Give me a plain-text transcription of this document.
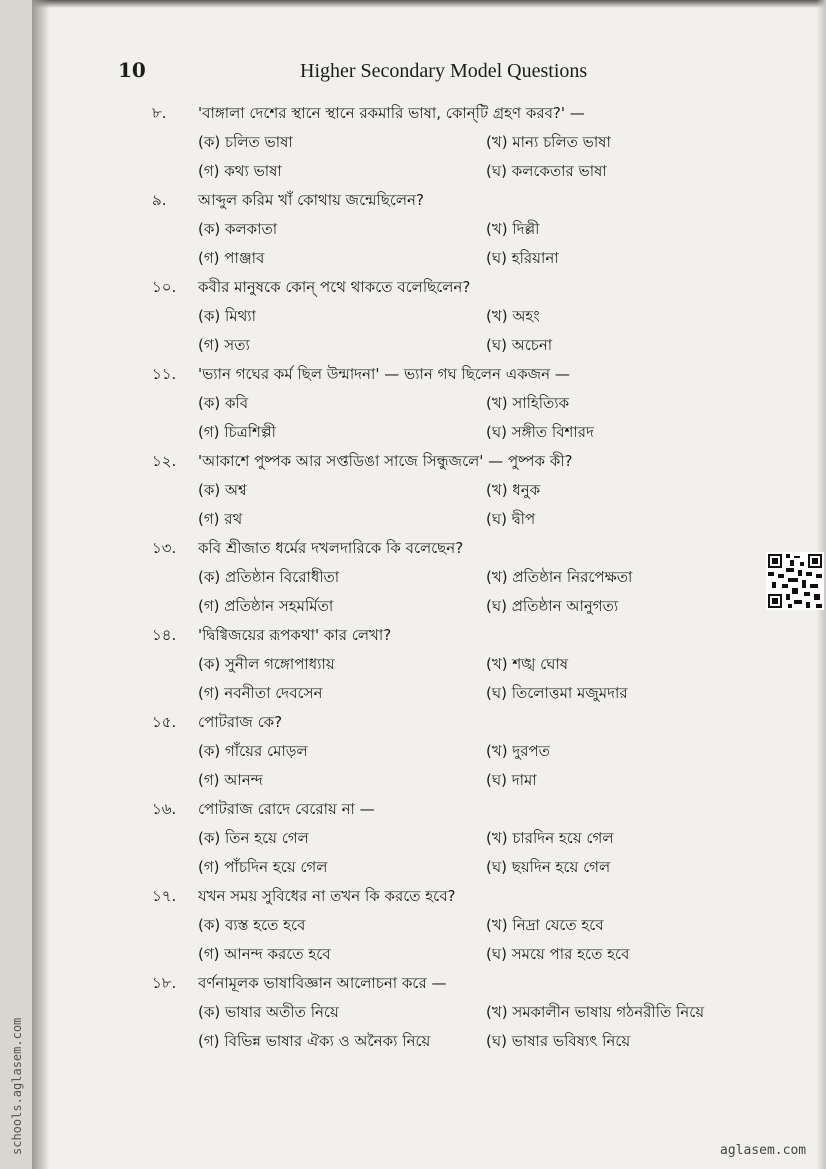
10	Higher Secondary Model Questions
৮.	'বাঙ্গালা দেশের স্থানে স্থানে রকমারি ভাষা, কোন্‌টি গ্রহণ করব?' —
(ক) চলিত ভাষা	(খ) মান্য চলিত ভাষা
(গ) কথ্য ভাষা	(ঘ) কলকেতার ভাষা
৯.	আব্দুল করিম খাঁ কোথায় জন্মেছিলেন?
(ক) কলকাতা	(খ) দিল্লী
(গ) পাঞ্জাব	(ঘ) হরিয়ানা
১০.	কবীর মানুষকে কোন্‌ পথে থাকতে বলেছিলেন?
(ক) মিথ্যা	(খ) অহং
(গ) সত্য	(ঘ) অচেনা
১১.	'ভ্যান গঘের কর্ম ছিল উন্মাদনা' — ভ্যান গঘ ছিলেন একজন —
(ক) কবি	(খ) সাহিত্যিক
(গ) চিত্রশিল্পী	(ঘ) সঙ্গীত বিশারদ
১২.	'আকাশে পুষ্পক আর সপ্তডিঙা সাজে সিন্ধুজলে' — পুষ্পক কী?
(ক) অশ্ব	(খ) ধনুক
(গ) রথ	(ঘ) দ্বীপ
১৩.	কবি শ্রীজাত ধর্মের দখলদারিকে কি বলেছেন?
(ক) প্রতিষ্ঠান বিরোধীতা	(খ) প্রতিষ্ঠান নিরপেক্ষতা
(গ) প্রতিষ্ঠান সহমর্মিতা	(ঘ) প্রতিষ্ঠান আনুগত্য
১৪.	'দ্বিগ্বিজয়ের রূপকথা' কার লেখা?
(ক) সুনীল গঙ্গোপাধ্যায়	(খ) শঙ্খ ঘোষ
(গ) নবনীতা দেবসেন	(ঘ) তিলোত্তমা মজুমদার
১৫.	পোটরাজ কে?
(ক) গাঁয়ের মোড়ল	(খ) দুরপত
(গ) আনন্দ	(ঘ) দামা
১৬.	পোটরাজ রোদে বেরোয় না —
(ক) তিন হয়ে গেল	(খ) চারদিন হয়ে গেল
(গ) পাঁচদিন হয়ে গেল	(ঘ) ছয়দিন হয়ে গেল
১৭.	যখন সময় সুবিধের না তখন কি করতে হবে?
(ক) ব্যস্ত হতে হবে	(খ) নিদ্রা যেতে হবে
(গ) আনন্দ করতে হবে	(ঘ) সময়ে পার হতে হবে
১৮.	বর্ণনামূলক ভাষাবিজ্ঞান আলোচনা করে —
(ক) ভাষার অতীত নিয়ে	(খ) সমকালীন ভাষায় গঠনরীতি নিয়ে
(গ) বিভিন্ন ভাষার ঐক্য ও অনৈক্য নিয়ে	(ঘ) ভাষার ভবিষ্যৎ নিয়ে
aglasem.com
schools.aglasem.com
